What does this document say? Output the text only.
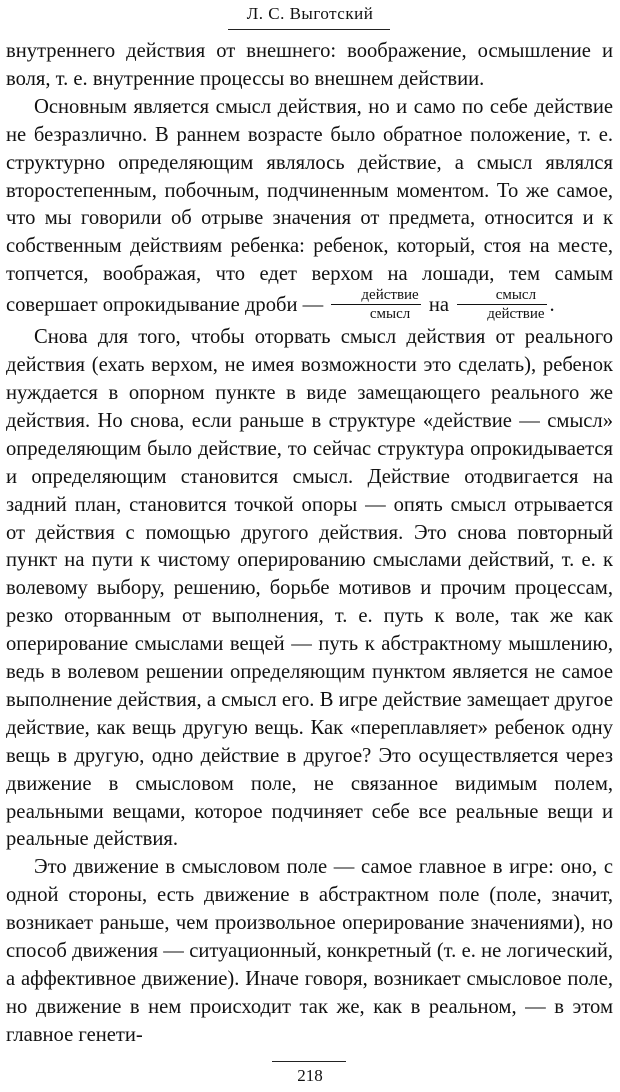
Л. С. Выготский

внутреннего действия от внешнего: воображение, осмышление и воля, т. е. внутренние процессы во внешнем действии.

Основным является смысл действия, но и само по себе действие не безразлично. В раннем возрасте было обратное положение, т. е. структурно определяющим являлось действие, а смысл являлся второстепенным, побочным, подчиненным моментом. То же самое, что мы говорили об отрыве значения от предмета, относится и к собственным действиям ребенка: ребенок, который, стоя на месте, топчется, воображая, что едет верхом на лошади, тем самым совершает опрокидывание дроби — $\frac{\text{действие}}{\text{смысл}}$ на $\frac{\text{смысл}}{\text{действие}}$ .

Снова для того, чтобы оторвать смысл действия от реального действия (ехать верхом, не имея возможности это сделать), ребенок нуждается в опорном пункте в виде замещающего реального же действия. Но снова, если раньше в структуре «действие — смысл» определяющим было действие, то сейчас структура опрокидывается и определяющим становится смысл. Действие отодвигается на задний план, становится точкой опоры — опять смысл отрывается от действия с помощью другого действия. Это снова повторный пункт на пути к чистому оперированию смыслами действий, т. е. к волевому выбору, решению, борьбе мотивов и прочим процессам, резко оторванным от выполнения, т. е. путь к воле, так же как оперирование смыслами вещей — путь к абстрактному мышлению, ведь в волевом решении определяющим пунктом является не самое выполнение действия, а смысл его. В игре действие замещает другое действие, как вещь другую вещь. Как «переплавляет» ребенок одну вещь в другую, одно действие в другое? Это осуществляется через движение в смысловом поле, не связанное видимым полем, реальными вещами, которое подчиняет себе все реальные вещи и реальные действия.

Это движение в смысловом поле — самое главное в игре: оно, с одной стороны, есть движение в абстрактном поле (поле, значит, возникает раньше, чем произвольное оперирование значениями), но способ движения — ситуационный, конкретный (т. е. не логический, а аффективное движение). Иначе говоря, возникает смысловое поле, но движение в нем происходит так же, как в реальном, — в этом главное генети-

218
